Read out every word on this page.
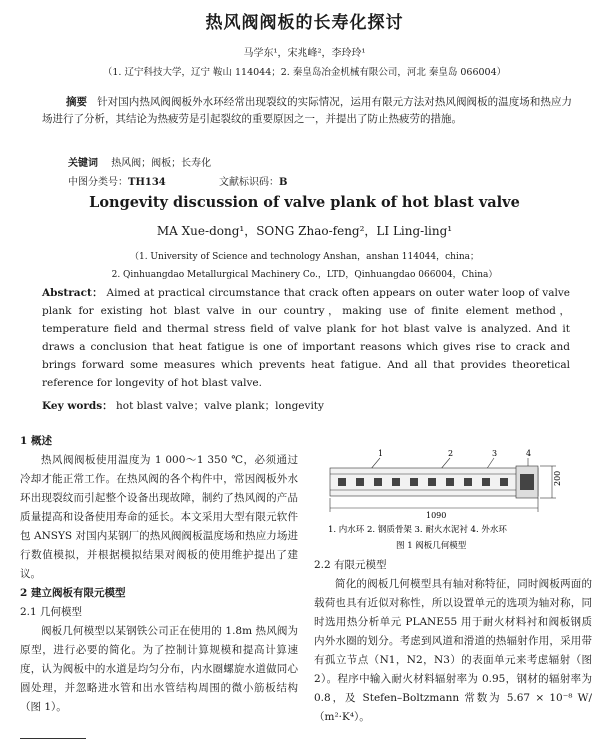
热风阀阀板的长寿化探讨
马学东¹，宋兆峰²，李玲玲¹
（1. 辽宁科技大学，辽宁 鞍山 114044；2. 秦皇岛冶金机械有限公司，河北 秦皇岛 066004）
摘要 针对国内热风阀阀板外水环经常出现裂纹的实际情况，运用有限元方法对热风阀阀板的温度场和热应力场进行了分析，其结论为热疲劳是引起裂纹的重要原因之一，并提出了防止热疲劳的措施。
关键词 热风阀；阀板；长寿化
中图分类号：TH134	文献标识码：B
Longevity discussion of valve plank of hot blast valve
MA Xue-dong¹，SONG Zhao-feng²，LI Ling-ling¹
（1. University of Science and technology Anshan，anshan 114044，china；
2. Qinhuangdao Metallurgical Machinery Co.，LTD，Qinhuangdao 066004，China）
Abstract： Aimed at practical circumstance that crack often appears on outer water loop of valve plank for existing hot blast valve in our country，making use of finite element method，temperature field and thermal stress field of valve plank for hot blast valve is analyzed. And it draws a conclusion that heat fatigue is one of important reasons which gives rise to crack and brings forward some measures which prevents heat fatigue. And all that provides theoretical reference for longevity of hot blast valve.
Key words： hot blast valve；valve plank；longevity

1 概述

热风阀阀板使用温度为 1 000～1 350 ℃，必须通过冷却才能正常工作。在热风阀的各个构件中，常因阀板外水环出现裂纹而引起整个设备出现故障，制约了热风阀的产品质量提高和设备使用寿命的延长。本文采用大型有限元软件包 ANSYS 对国内某钢厂的热风阀阀板温度场和热应力场进行数值模拟，并根据模拟结果对阀板的使用维护提出了建议。

2 建立阀板有限元模型

2.1 几何模型

阀板几何模型以某钢铁公司正在使用的 1.8m 热风阀为原型，进行必要的简化。为了控制计算规模和提高计算速度，认为阀板中的水道是均匀分布，内水圈螺旋水道做同心圆处理，并忽略进水管和出水管结构周围的微小筋板结构（图 1）。

1	2	3	4
1090
200
1. 内水环 2. 钢质骨架 3. 耐火水泥衬 4. 外水环
图 1 阀板几何模型

2.2 有限元模型

简化的阀板几何模型具有轴对称特征，同时阀板两面的载荷也具有近似对称性，所以设置单元的选项为轴对称，同时选用热分析单元 PLANE55 用于耐火材料衬和阀板钢质内外水圈的划分。考虑到风道和滑道的热辐射作用，采用带有孤立节点（N1，N2，N3）的表面单元来考虑辐射（图 2）。程序中输入耐火材料辐射率为 0.95，钢材的辐射率为 0.8，及 Stefen–Boltzmann 常数为 5.67 × 10⁻⁸ W/（m²·K⁴）。
